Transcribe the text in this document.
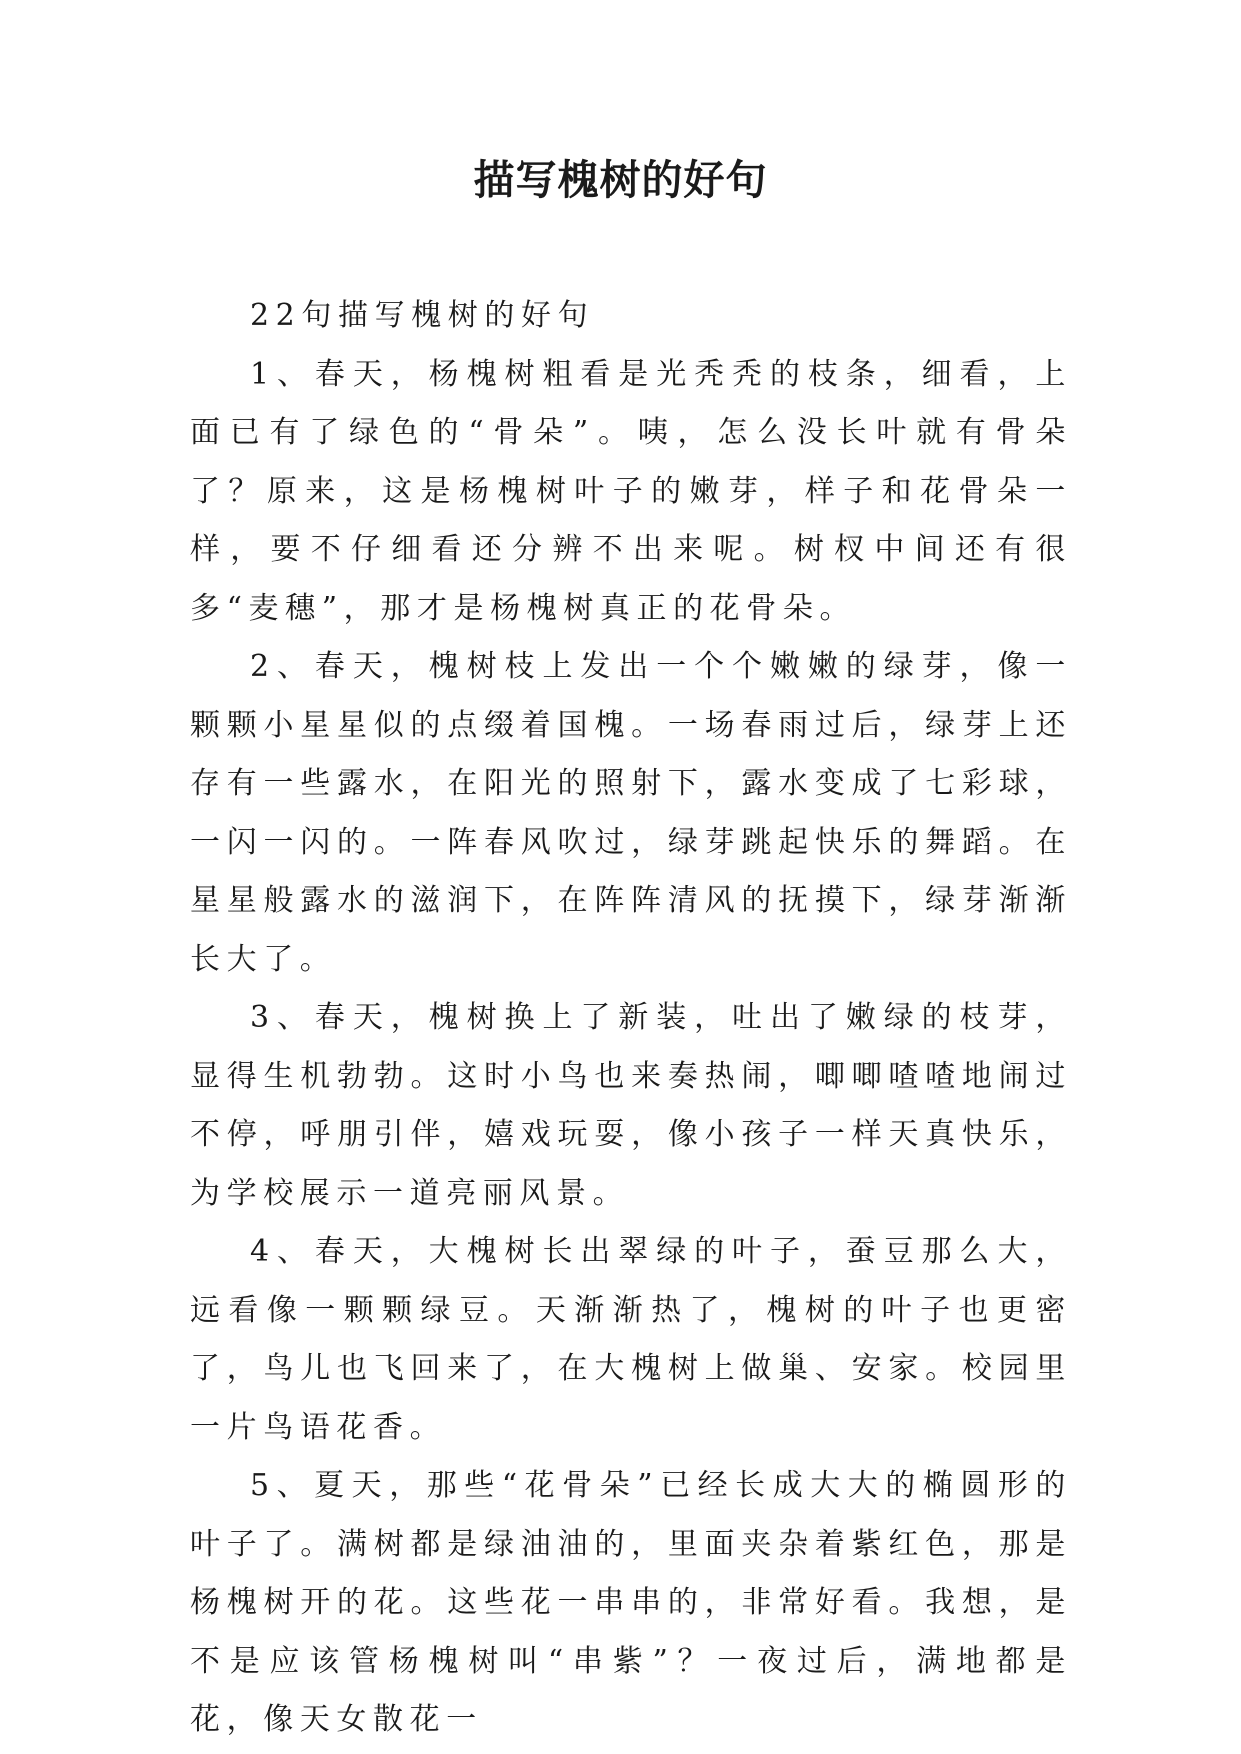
描写槐树的好句

22句描写槐树的好句

1、春天，杨槐树粗看是光秃秃的枝条，细看，上面已有了绿色的“骨朵”。咦，怎么没长叶就有骨朵了？原来，这是杨槐树叶子的嫩芽，样子和花骨朵一样，要不仔细看还分辨不出来呢。树杈中间还有很多“麦穗”，那才是杨槐树真正的花骨朵。

2、春天，槐树枝上发出一个个嫩嫩的绿芽，像一颗颗小星星似的点缀着国槐。一场春雨过后，绿芽上还存有一些露水，在阳光的照射下，露水变成了七彩球，一闪一闪的。一阵春风吹过，绿芽跳起快乐的舞蹈。在星星般露水的滋润下，在阵阵清风的抚摸下，绿芽渐渐长大了。

3、春天，槐树换上了新装，吐出了嫩绿的枝芽，显得生机勃勃。这时小鸟也来奏热闹，唧唧喳喳地闹过不停，呼朋引伴，嬉戏玩耍，像小孩子一样天真快乐，为学校展示一道亮丽风景。

4、春天，大槐树长出翠绿的叶子，蚕豆那么大，远看像一颗颗绿豆。天渐渐热了，槐树的叶子也更密了，鸟儿也飞回来了，在大槐树上做巢、安家。校园里一片鸟语花香。

5、夏天，那些“花骨朵”已经长成大大的椭圆形的叶子了。满树都是绿油油的，里面夹杂着紫红色，那是杨槐树开的花。这些花一串串的，非常好看。我想，是不是应该管杨槐树叫“串紫”？一夜过后，满地都是花，像天女散花一
